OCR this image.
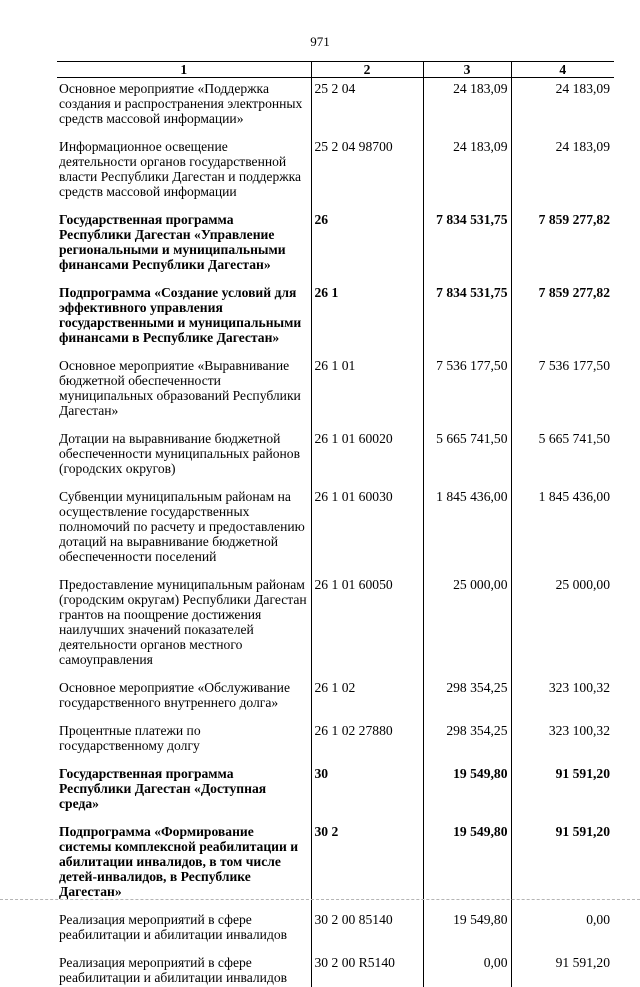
971
1	2	3	4
Основное мероприятие «Поддержка создания и распространения электронных средств массовой информации»	25 2 04	24 183,09	24 183,09
Информационное освещение деятельности органов государственной власти Республики Дагестан и поддержка средств массовой информации	25 2 04 98700	24 183,09	24 183,09
Государственная программа Республики Дагестан «Управление региональными и муниципальными финансами Республики Дагестан»	26	7 834 531,75	7 859 277,82
Подпрограмма «Создание условий для эффективного управления государственными и муниципальными финансами в Республике Дагестан»	26 1	7 834 531,75	7 859 277,82
Основное мероприятие «Выравнивание бюджетной обеспеченности муниципальных образований Республики Дагестан»	26 1 01	7 536 177,50	7 536 177,50
Дотации на выравнивание бюджетной обеспеченности муниципальных районов (городских округов)	26 1 01 60020	5 665 741,50	5 665 741,50
Субвенции муниципальным районам на осуществление государственных полномочий по расчету и предоставлению дотаций на выравнивание бюджетной обеспеченности поселений	26 1 01 60030	1 845 436,00	1 845 436,00
Предоставление муниципальным районам (городским округам) Республики Дагестан грантов на поощрение достижения наилучших значений показателей деятельности органов местного самоуправления	26 1 01 60050	25 000,00	25 000,00
Основное мероприятие «Обслуживание государственного внутреннего долга»	26 1 02	298 354,25	323 100,32
Процентные платежи по государственному долгу	26 1 02 27880	298 354,25	323 100,32
Государственная программа Республики Дагестан «Доступная среда»	30	19 549,80	91 591,20
Подпрограмма «Формирование системы комплексной реабилитации и абилитации инвалидов, в том числе детей-инвалидов, в Республике Дагестан»	30 2	19 549,80	91 591,20
Реализация мероприятий в сфере реабилитации и абилитации инвалидов	30 2 00 85140	19 549,80	0,00
Реализация мероприятий в сфере реабилитации и абилитации инвалидов	30 2 00 R5140	0,00	91 591,20
